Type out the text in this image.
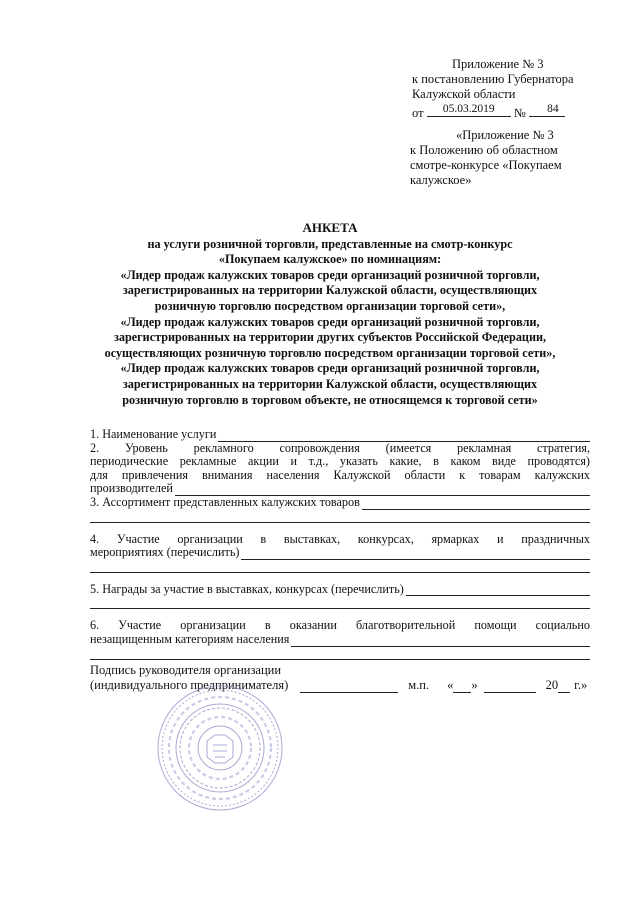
Приложение № 3
к постановлению Губернатора
Калужской области
от	05.03.2019	№	84
«Приложение № 3
к Положению об областном
смотре-конкурсе «Покупаем
калужское»
АНКЕТА
на услуги розничной торговли, представленные на смотр-конкурс
«Покупаем калужское» по номинациям:
«Лидер продаж калужских товаров среди организаций розничной торговли,
зарегистрированных на территории Калужской области, осуществляющих
розничную торговлю посредством организации торговой сети»,
«Лидер продаж калужских товаров среди организаций розничной торговли,
зарегистрированных на территории других субъектов Российской Федерации,
осуществляющих розничную торговлю посредством организации торговой сети»,
«Лидер продаж калужских товаров среди организаций розничной торговли,
зарегистрированных на территории Калужской области, осуществляющих
розничную торговлю в торговом объекте, не относящемся к торговой сети»
1. Наименование услуги
2. Уровень рекламного сопровождения (имеется рекламная стратегия,
периодические рекламные акции и т.д., указать какие, в каком виде проводятся)
для привлечения внимания населения Калужской области к товарам калужских
производителей
3. Ассортимент представленных калужских товаров
4. Участие организации в выставках, конкурсах, ярмарках и праздничных
мероприятиях (перечислить)
5. Награды за участие в выставках, конкурсах (перечислить)
6. Участие организации в оказании благотворительной помощи социально
незащищенным категориям населения
Подпись руководителя организации
(индивидуального предпринимателя)	м.п. « »	20 г.»
